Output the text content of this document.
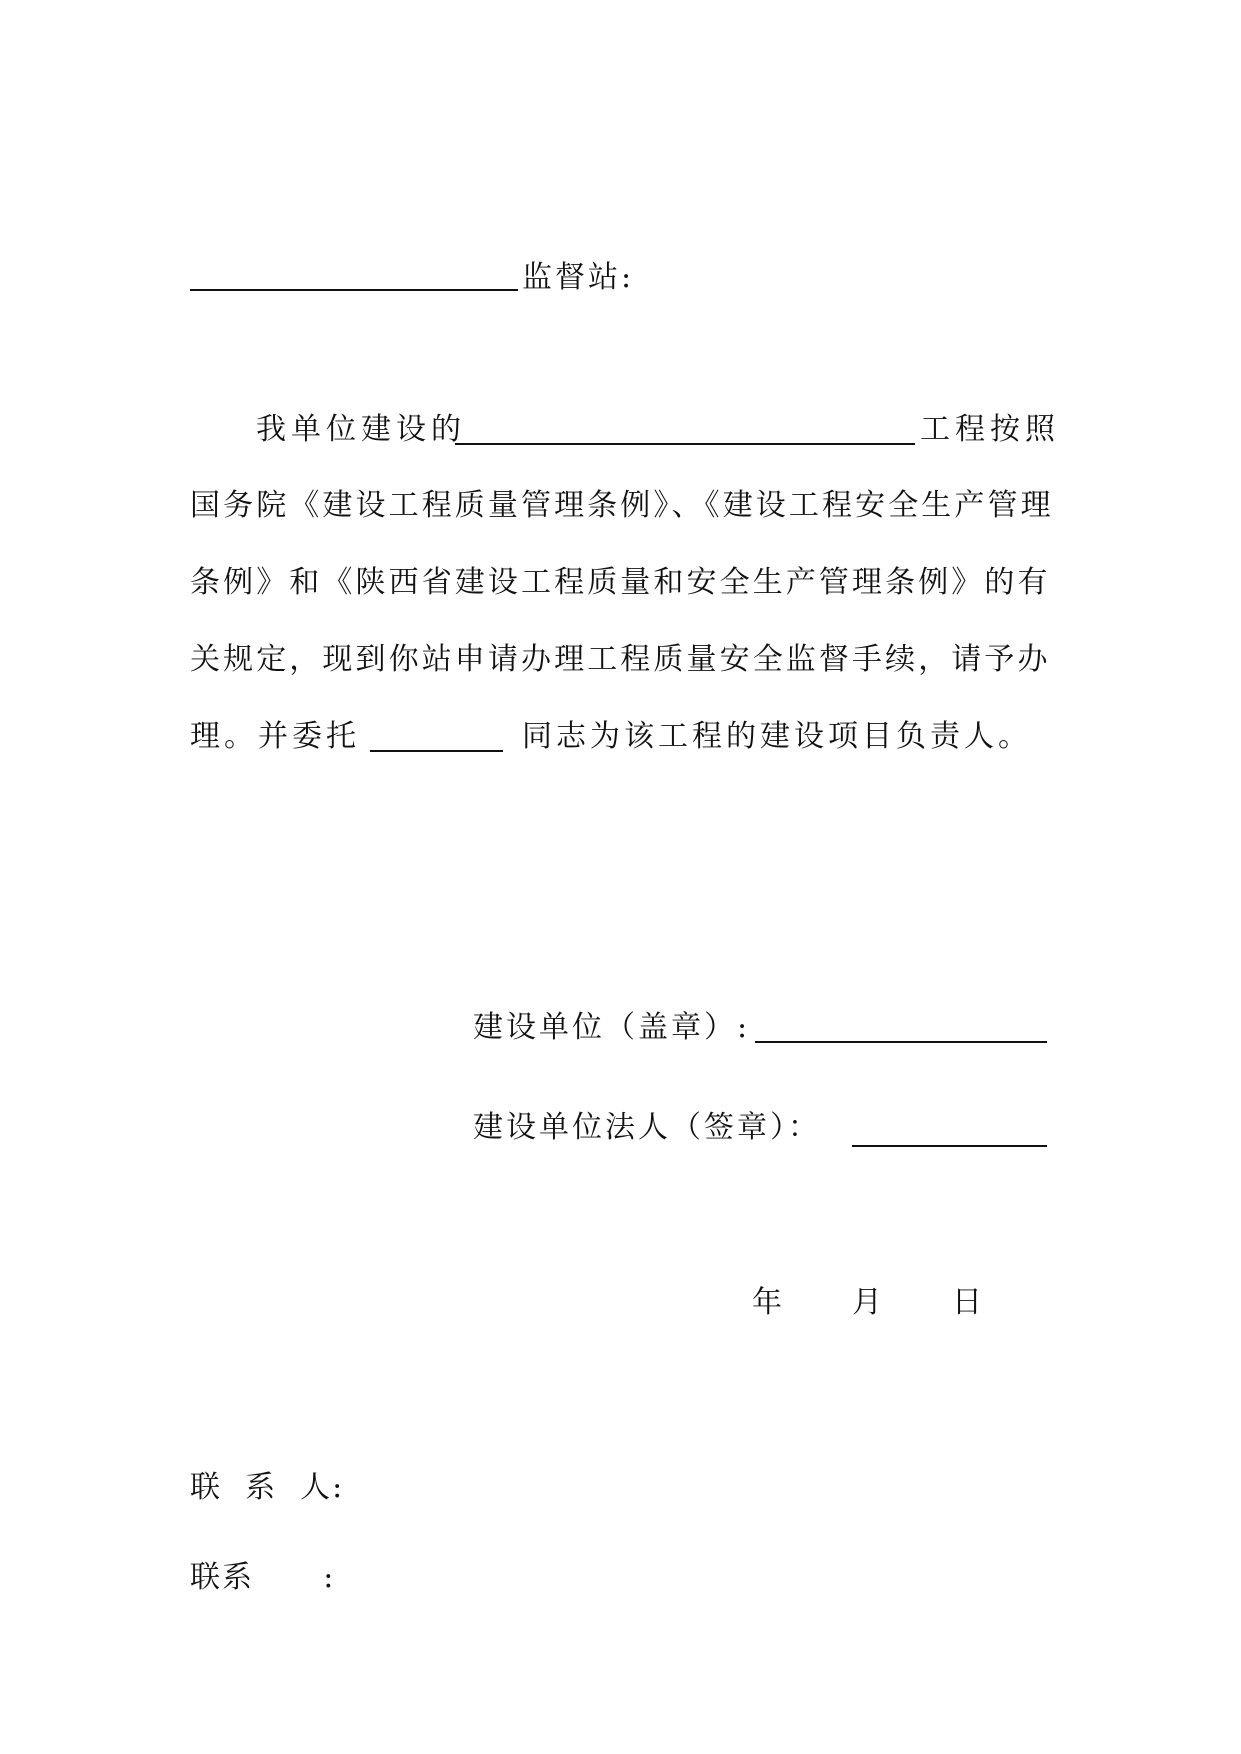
监督站:
我单位建设的	工程按照
国务院《建设工程质量管理条例》、《建设工程安全生产管理
条例》和《陕西省建设工程质量和安全生产管理条例》的有
关规定，现到你站申请办理工程质量安全监督手续，请予办
理。并委托	同志为该工程的建设项目负责人。
建设单位（盖章）:
建设单位法人（签章）：
年 月 日
联  系  人:
联系      :
